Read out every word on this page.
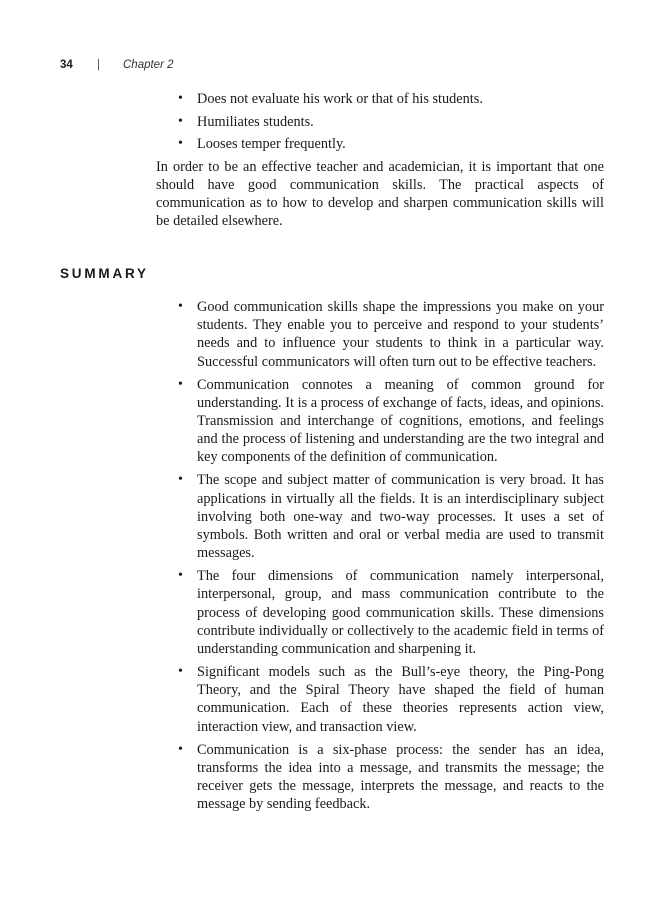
34 | Chapter 2
• Does not evaluate his work or that of his students.
• Humiliates students.
• Looses temper frequently.

In order to be an effective teacher and academician, it is important that one should have good communication skills. The practical aspects of communication as to how to develop and sharpen communication skills will be detailed elsewhere.

SUMMARY
• Good communication skills shape the impressions you make on your students. They enable you to perceive and respond to your students’ needs and to influence your students to think in a particular way. Successful communicators will often turn out to be effective teachers.
• Communication connotes a meaning of common ground for understanding. It is a process of exchange of facts, ideas, and opinions. Transmission and interchange of cognitions, emotions, and feelings and the process of listening and understanding are the two integral and key components of the definition of communication.
• The scope and subject matter of communication is very broad. It has applications in virtually all the fields. It is an interdisciplinary subject involving both one-way and two-way processes. It uses a set of symbols. Both written and oral or verbal media are used to transmit messages.
• The four dimensions of communication namely interpersonal, interpersonal, group, and mass communication contribute to the process of developing good communication skills. These dimensions contribute individually or collectively to the academic field in terms of understanding communication and sharpening it.
• Significant models such as the Bull’s-eye theory, the Ping-Pong Theory, and the Spiral Theory have shaped the field of human communication. Each of these theories represents action view, interaction view, and transaction view.
• Communication is a six-phase process: the sender has an idea, transforms the idea into a message, and transmits the message; the receiver gets the message, interprets the message, and reacts to the message by sending feedback.
